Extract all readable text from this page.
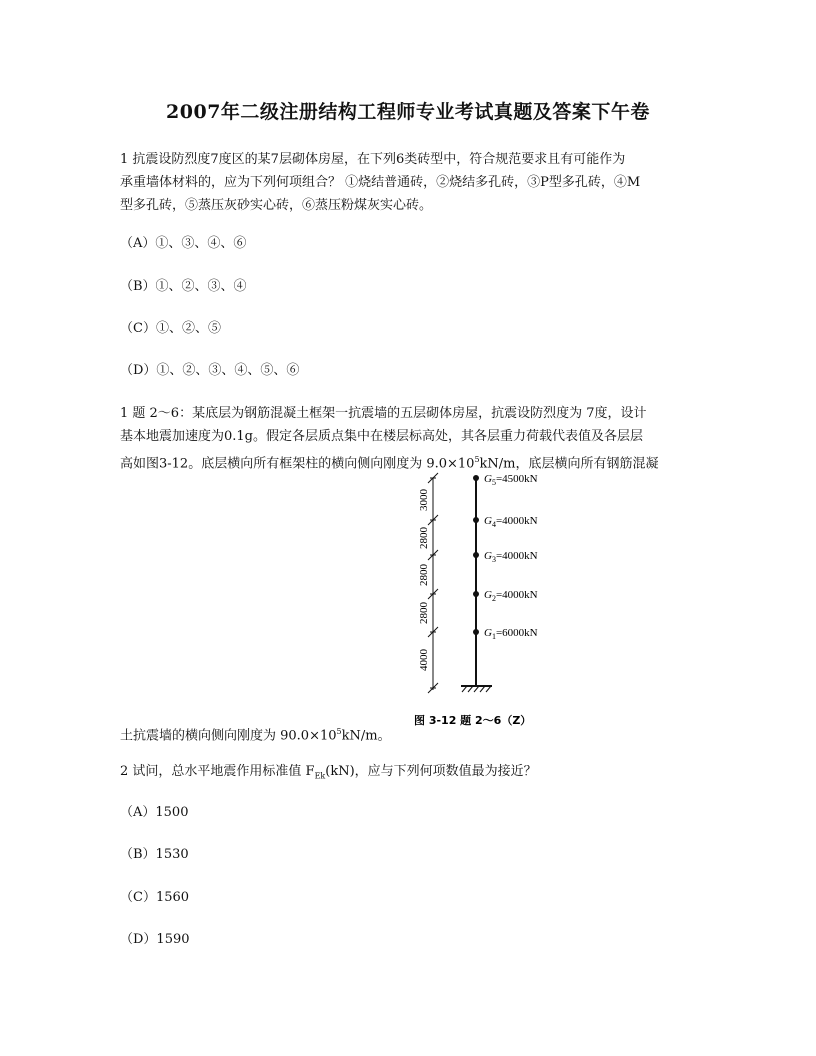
2007年二级注册结构工程师专业考试真题及答案下午卷
1 抗震设防烈度7度区的某7层砌体房屋，在下列6类砖型中，符合规范要求且有可能作为
承重墙体材料的，应为下列何项组合？ ①烧结普通砖，②烧结多孔砖，③P型多孔砖，④M
型多孔砖，⑤蒸压灰砂实心砖，⑥蒸压粉煤灰实心砖。
（A）①、③、④、⑥
（B）①、②、③、④
（C）①、②、⑤
（D）①、②、③、④、⑤、⑥
1 题 2～6：某底层为钢筋混凝土框架一抗震墙的五层砌体房屋，抗震设防烈度为 7度，设计
基本地震加速度为0.1g。假定各层质点集中在楼层标高处，其各层重力荷载代表值及各层层
高如图3-12。底层横向所有框架柱的横向侧向刚度为 $9.0\times 10^5kN/m$，底层横向所有钢筋混凝
土抗震墙的横向侧向刚度为 $90.0\times 10^5kN/m$。
3000
2800
2800
2800
4000
$G_5=4500kN$
$G_4=4000kN$
$G_3=4000kN$
$G_2=4000kN$
$G_1=6000kN$
图 3-12 题 2～6（Z）
2 试问，总水平地震作用标准值 $F_{Ek}(kN)$，应与下列何项数值最为接近？
（A）1500
（B）1530
（C）1560
（D）1590
